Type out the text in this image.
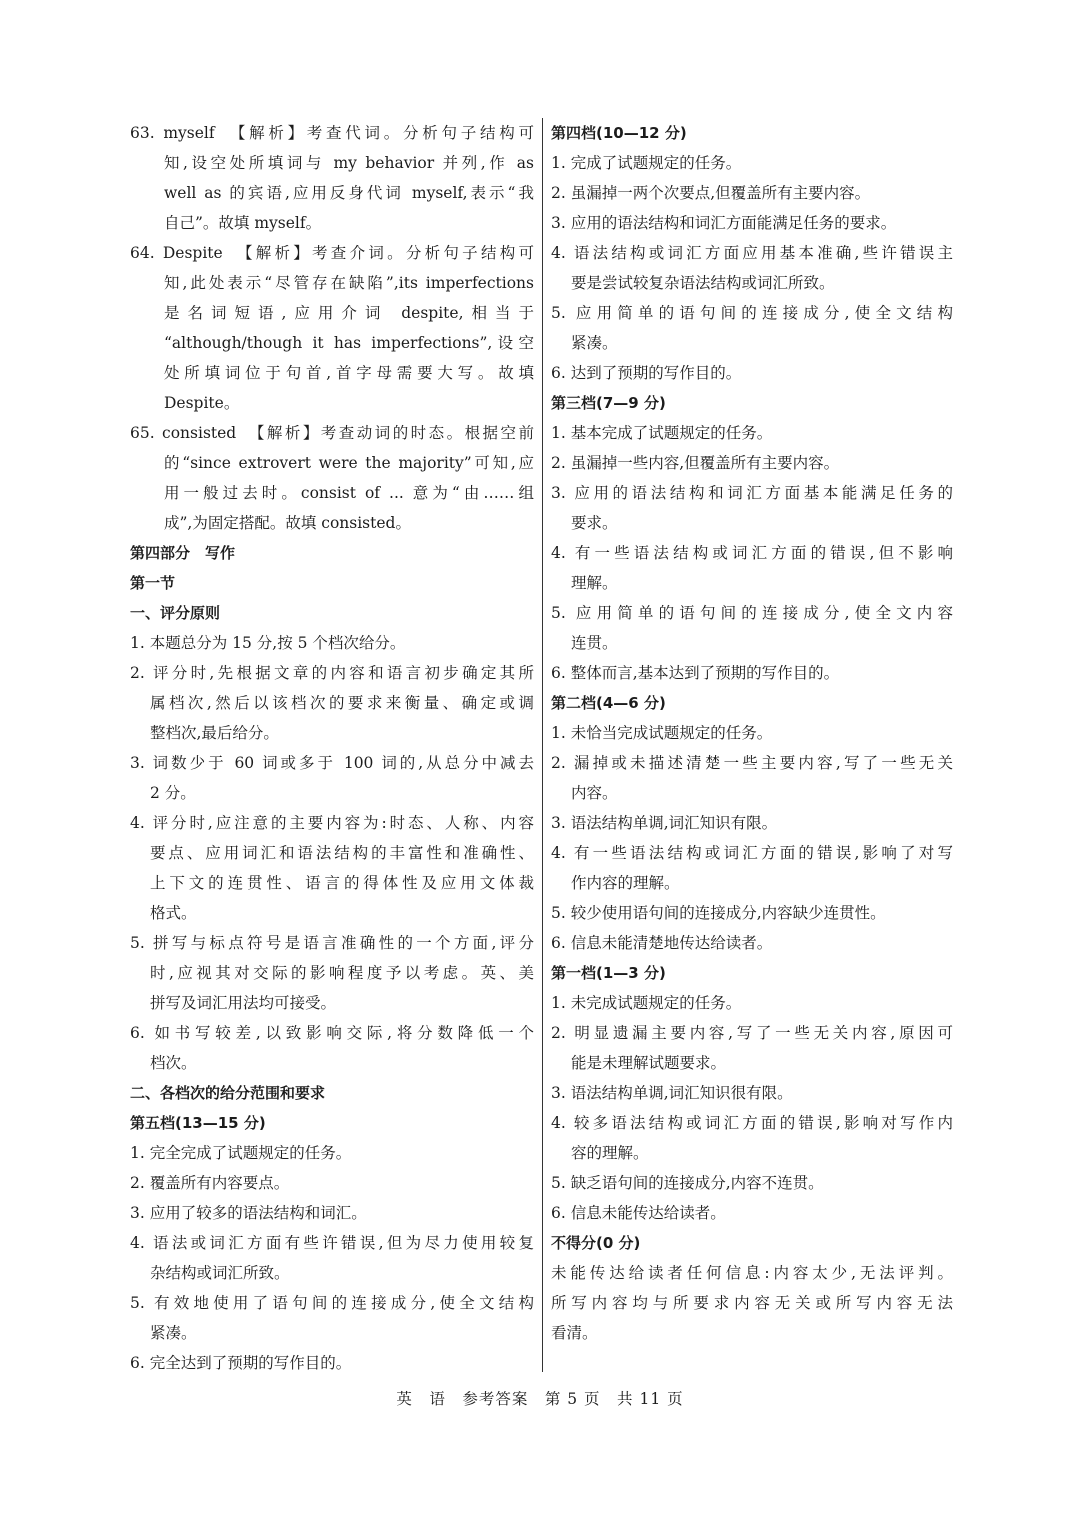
63. myself　【解析】考查代词。分析句子结构可
知,设空处所填词与 my behavior 并列,作 as
well as 的宾语,应用反身代词 myself,表示“我
自己”。故填 myself。
64. Despite　【解析】考查介词。分析句子结构可
知,此处表示“尽管存在缺陷”,its imperfections
是名词短语,应用介词 despite,相当于
“although/though it has imperfections”,设空
处所填词位于句首,首字母需要大写。故填
Despite。
65. consisted　【解析】考查动词的时态。根据空前
的“since extrovert were the majority”可知,应
用一般过去时。consist of ... 意为“由……组
成”,为固定搭配。故填 consisted。
第四部分　写作
第一节
一、评分原则
1. 本题总分为 15 分,按 5 个档次给分。
2. 评分时,先根据文章的内容和语言初步确定其所
属档次,然后以该档次的要求来衡量、确定或调
整档次,最后给分。
3. 词数少于 60 词或多于 100 词的,从总分中减去
2 分。
4. 评分时,应注意的主要内容为:时态、人称、内容
要点、应用词汇和语法结构的丰富性和准确性、
上下文的连贯性、语言的得体性及应用文体裁
格式。
5. 拼写与标点符号是语言准确性的一个方面,评分
时,应视其对交际的影响程度予以考虑。英、美
拼写及词汇用法均可接受。
6. 如书写较差,以致影响交际,将分数降低一个
档次。
二、各档次的给分范围和要求
第五档(13—15 分)
1. 完全完成了试题规定的任务。
2. 覆盖所有内容要点。
3. 应用了较多的语法结构和词汇。
4. 语法或词汇方面有些许错误,但为尽力使用较复
杂结构或词汇所致。
5. 有效地使用了语句间的连接成分,使全文结构
紧凑。
6. 完全达到了预期的写作目的。
第四档(10—12 分)
1. 完成了试题规定的任务。
2. 虽漏掉一两个次要点,但覆盖所有主要内容。
3. 应用的语法结构和词汇方面能满足任务的要求。
4. 语法结构或词汇方面应用基本准确,些许错误主
要是尝试较复杂语法结构或词汇所致。
5. 应用简单的语句间的连接成分,使全文结构
紧凑。
6. 达到了预期的写作目的。
第三档(7—9 分)
1. 基本完成了试题规定的任务。
2. 虽漏掉一些内容,但覆盖所有主要内容。
3. 应用的语法结构和词汇方面基本能满足任务的
要求。
4. 有一些语法结构或词汇方面的错误,但不影响
理解。
5. 应用简单的语句间的连接成分,使全文内容
连贯。
6. 整体而言,基本达到了预期的写作目的。
第二档(4—6 分)
1. 未恰当完成试题规定的任务。
2. 漏掉或未描述清楚一些主要内容,写了一些无关
内容。
3. 语法结构单调,词汇知识有限。
4. 有一些语法结构或词汇方面的错误,影响了对写
作内容的理解。
5. 较少使用语句间的连接成分,内容缺少连贯性。
6. 信息未能清楚地传达给读者。
第一档(1—3 分)
1. 未完成试题规定的任务。
2. 明显遗漏主要内容,写了一些无关内容,原因可
能是未理解试题要求。
3. 语法结构单调,词汇知识很有限。
4. 较多语法结构或词汇方面的错误,影响对写作内
容的理解。
5. 缺乏语句间的连接成分,内容不连贯。
6. 信息未能传达给读者。
不得分(0 分)
未能传达给读者任何信息:内容太少,无法评判。
所写内容均与所要求内容无关或所写内容无法
看清。
英　语　参考答案　第 5 页　共 11 页
